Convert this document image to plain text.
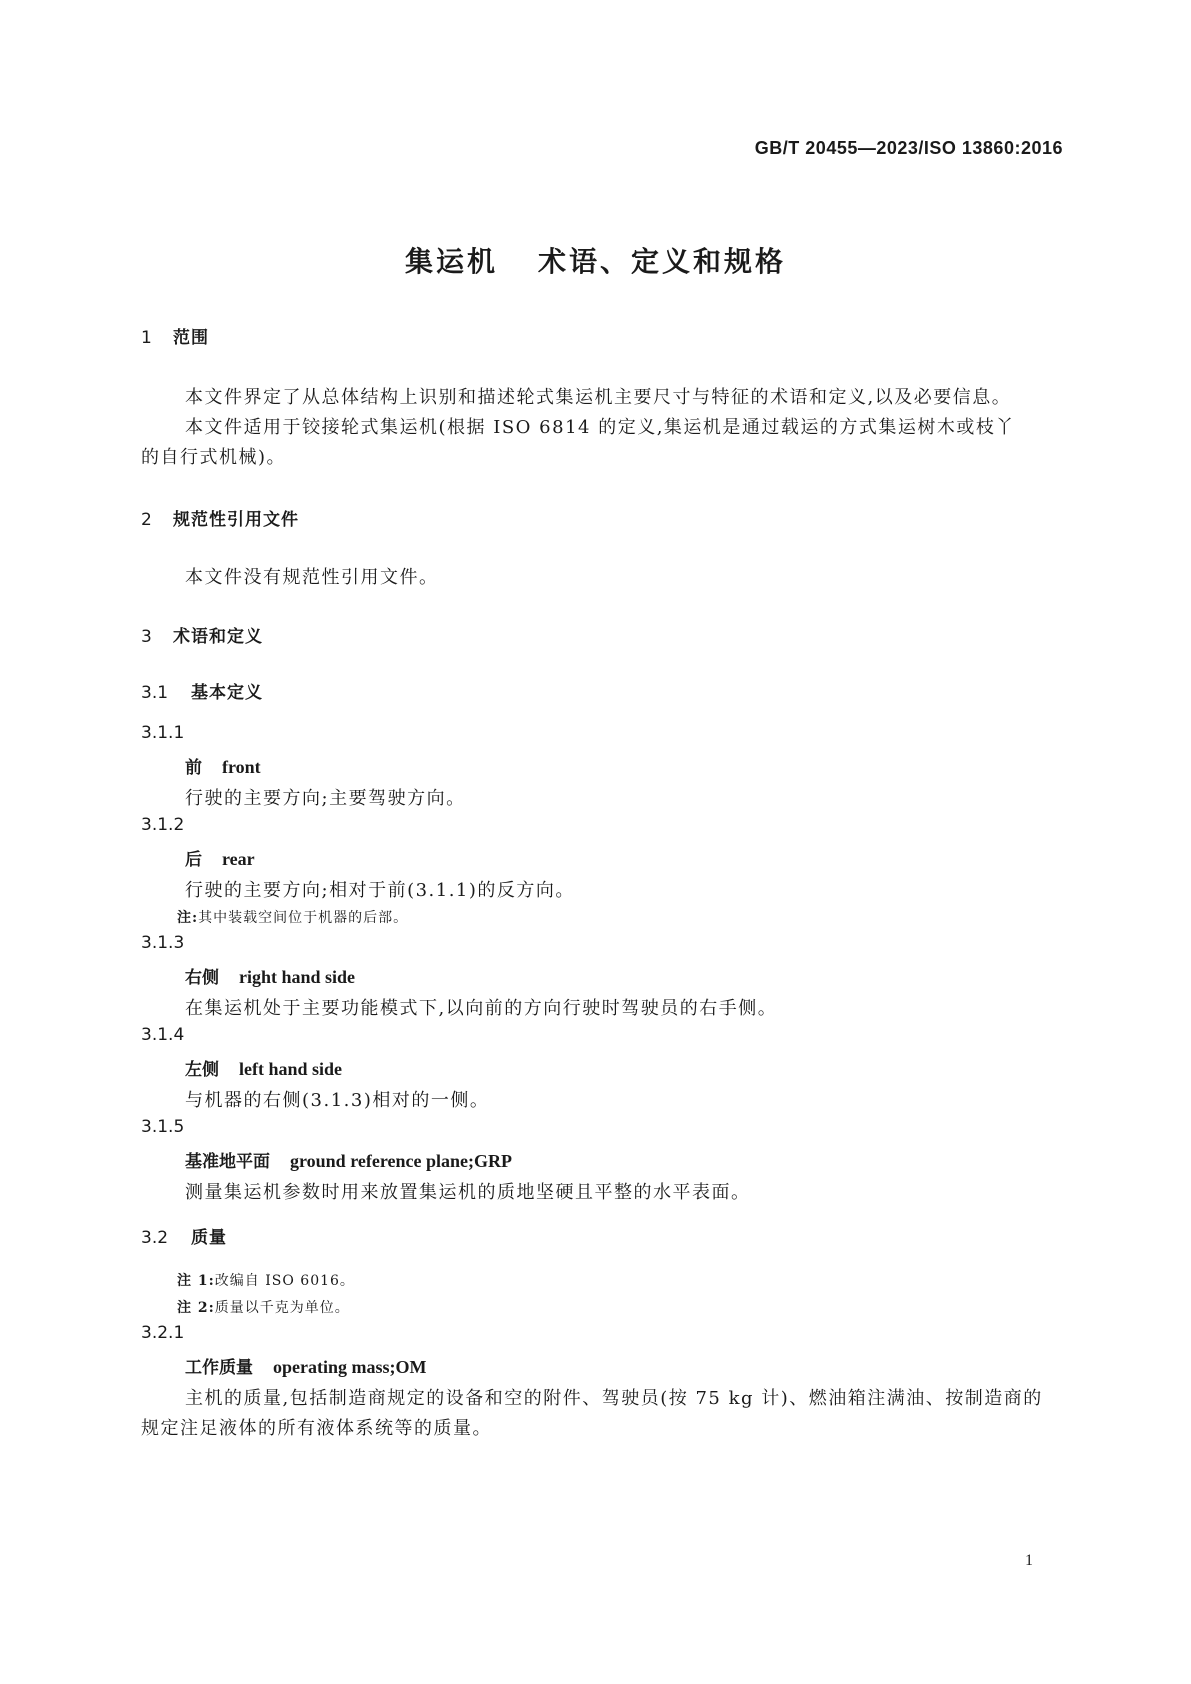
GB/T 20455—2023/ISO 13860:2016
集运机 术语、定义和规格
1 范围
本文件界定了从总体结构上识别和描述轮式集运机主要尺寸与特征的术语和定义,以及必要信息。
本文件适用于铰接轮式集运机(根据 ISO 6814 的定义,集运机是通过载运的方式集运树木或枝丫
的自行式机械)。
2 规范性引用文件
本文件没有规范性引用文件。
3 术语和定义
3.1 基本定义
3.1.1
前 front
行驶的主要方向;主要驾驶方向。
3.1.2
后 rear
行驶的主要方向;相对于前(3.1.1)的反方向。
注:其中装载空间位于机器的后部。
3.1.3
右侧 right hand side
在集运机处于主要功能模式下,以向前的方向行驶时驾驶员的右手侧。
3.1.4
左侧 left hand side
与机器的右侧(3.1.3)相对的一侧。
3.1.5
基准地平面 ground reference plane;GRP
测量集运机参数时用来放置集运机的质地坚硬且平整的水平表面。
3.2 质量
注 1:改编自 ISO 6016。
注 2:质量以千克为单位。
3.2.1
工作质量 operating mass;OM
主机的质量,包括制造商规定的设备和空的附件、驾驶员(按 75 kg 计)、燃油箱注满油、按制造商的
规定注足液体的所有液体系统等的质量。
1
